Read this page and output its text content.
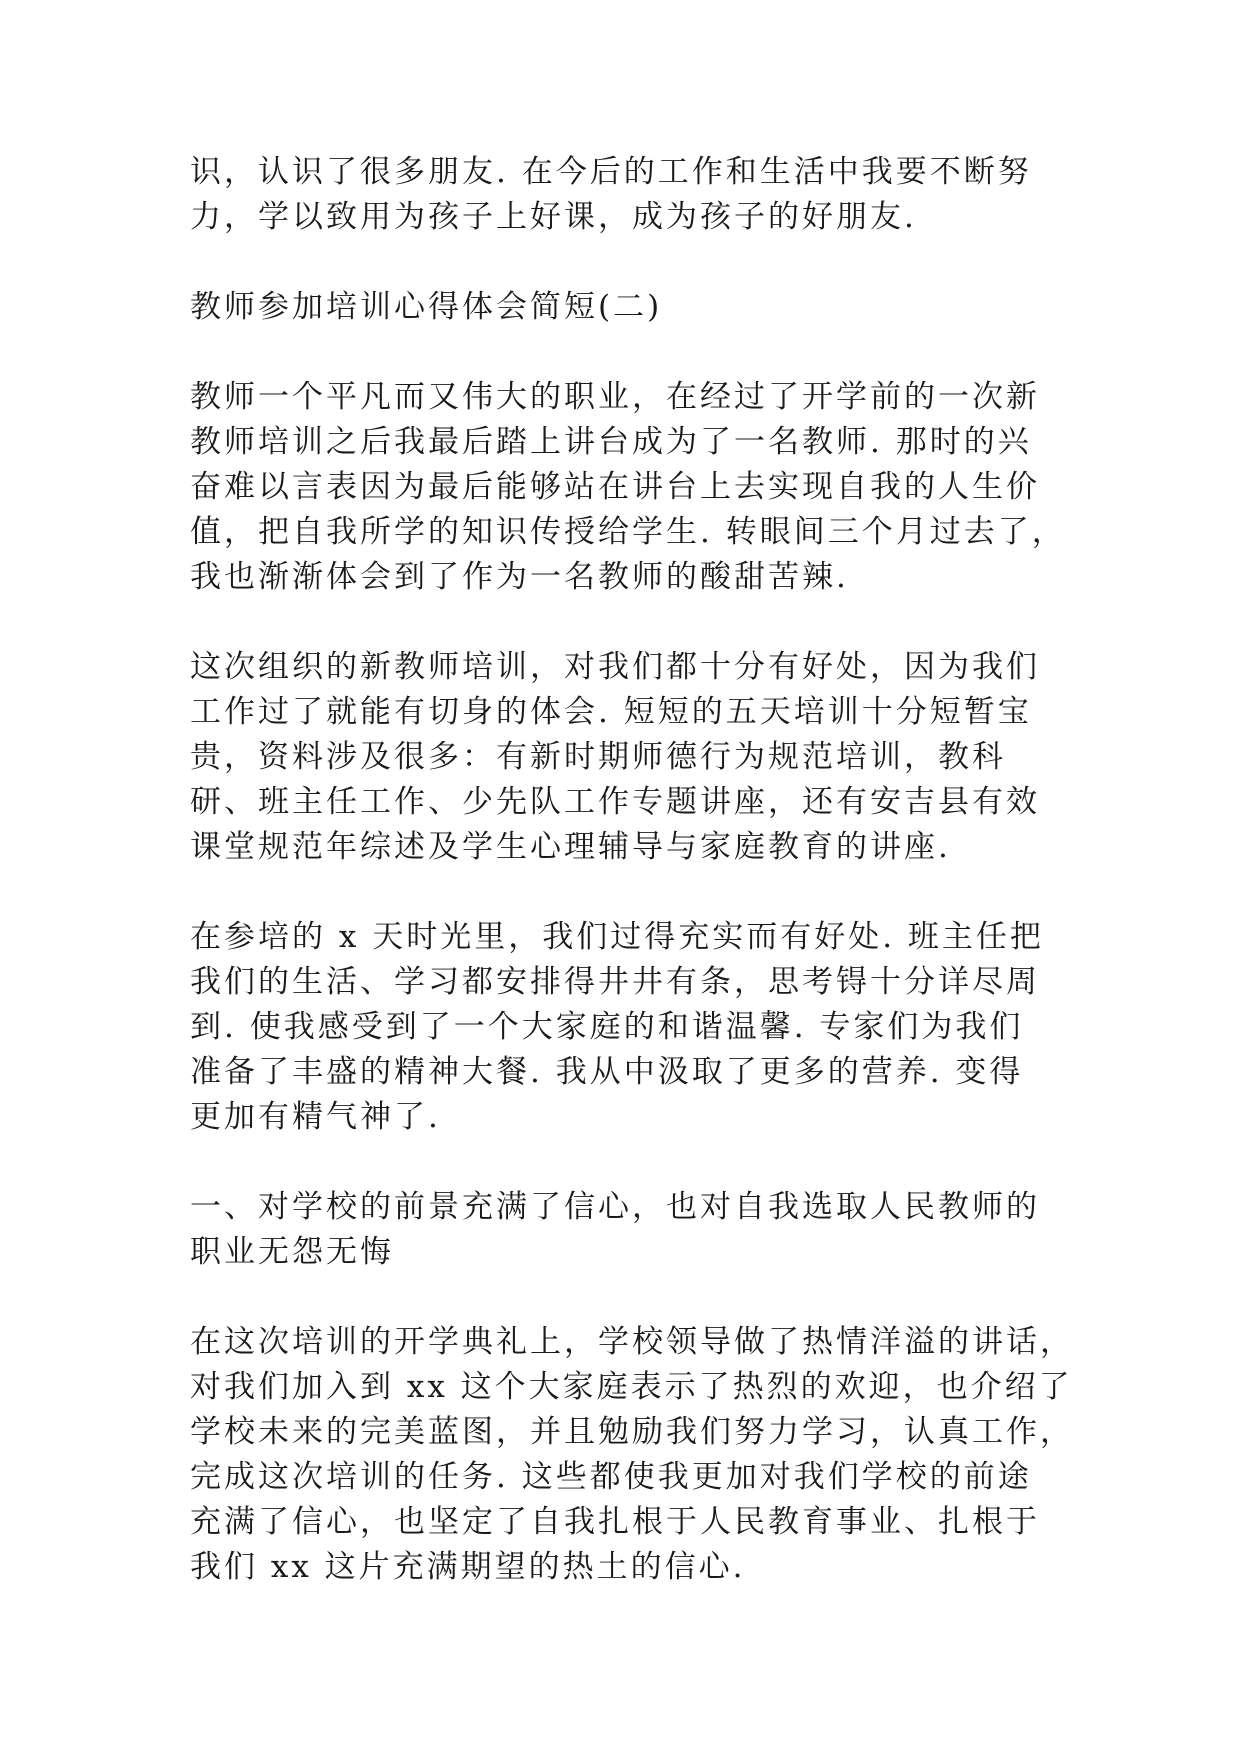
识，认识了很多朋友. 在今后的工作和生活中我要不断努
力，学以致用为孩子上好课，成为孩子的好朋友.

教师参加培训心得体会简短(二)

教师一个平凡而又伟大的职业，在经过了开学前的一次新
教师培训之后我最后踏上讲台成为了一名教师. 那时的兴
奋难以言表因为最后能够站在讲台上去实现自我的人生价
值，把自我所学的知识传授给学生. 转眼间三个月过去了，
我也渐渐体会到了作为一名教师的酸甜苦辣.

这次组织的新教师培训，对我们都十分有好处，因为我们
工作过了就能有切身的体会. 短短的五天培训十分短暂宝
贵，资料涉及很多：有新时期师德行为规范培训，教科
研、班主任工作、少先队工作专题讲座，还有安吉县有效
课堂规范年综述及学生心理辅导与家庭教育的讲座.

在参培的 x 天时光里，我们过得充实而有好处. 班主任把
我们的生活、学习都安排得井井有条，思考锝十分详尽周
到. 使我感受到了一个大家庭的和谐温馨. 专家们为我们
准备了丰盛的精神大餐. 我从中汲取了更多的营养. 变得
更加有精气神了.

一、对学校的前景充满了信心，也对自我选取人民教师的
职业无怨无悔

在这次培训的开学典礼上，学校领导做了热情洋溢的讲话，
对我们加入到 xx 这个大家庭表示了热烈的欢迎，也介绍了
学校未来的完美蓝图，并且勉励我们努力学习，认真工作，
完成这次培训的任务. 这些都使我更加对我们学校的前途
充满了信心，也坚定了自我扎根于人民教育事业、扎根于
我们 xx 这片充满期望的热土的信心.
